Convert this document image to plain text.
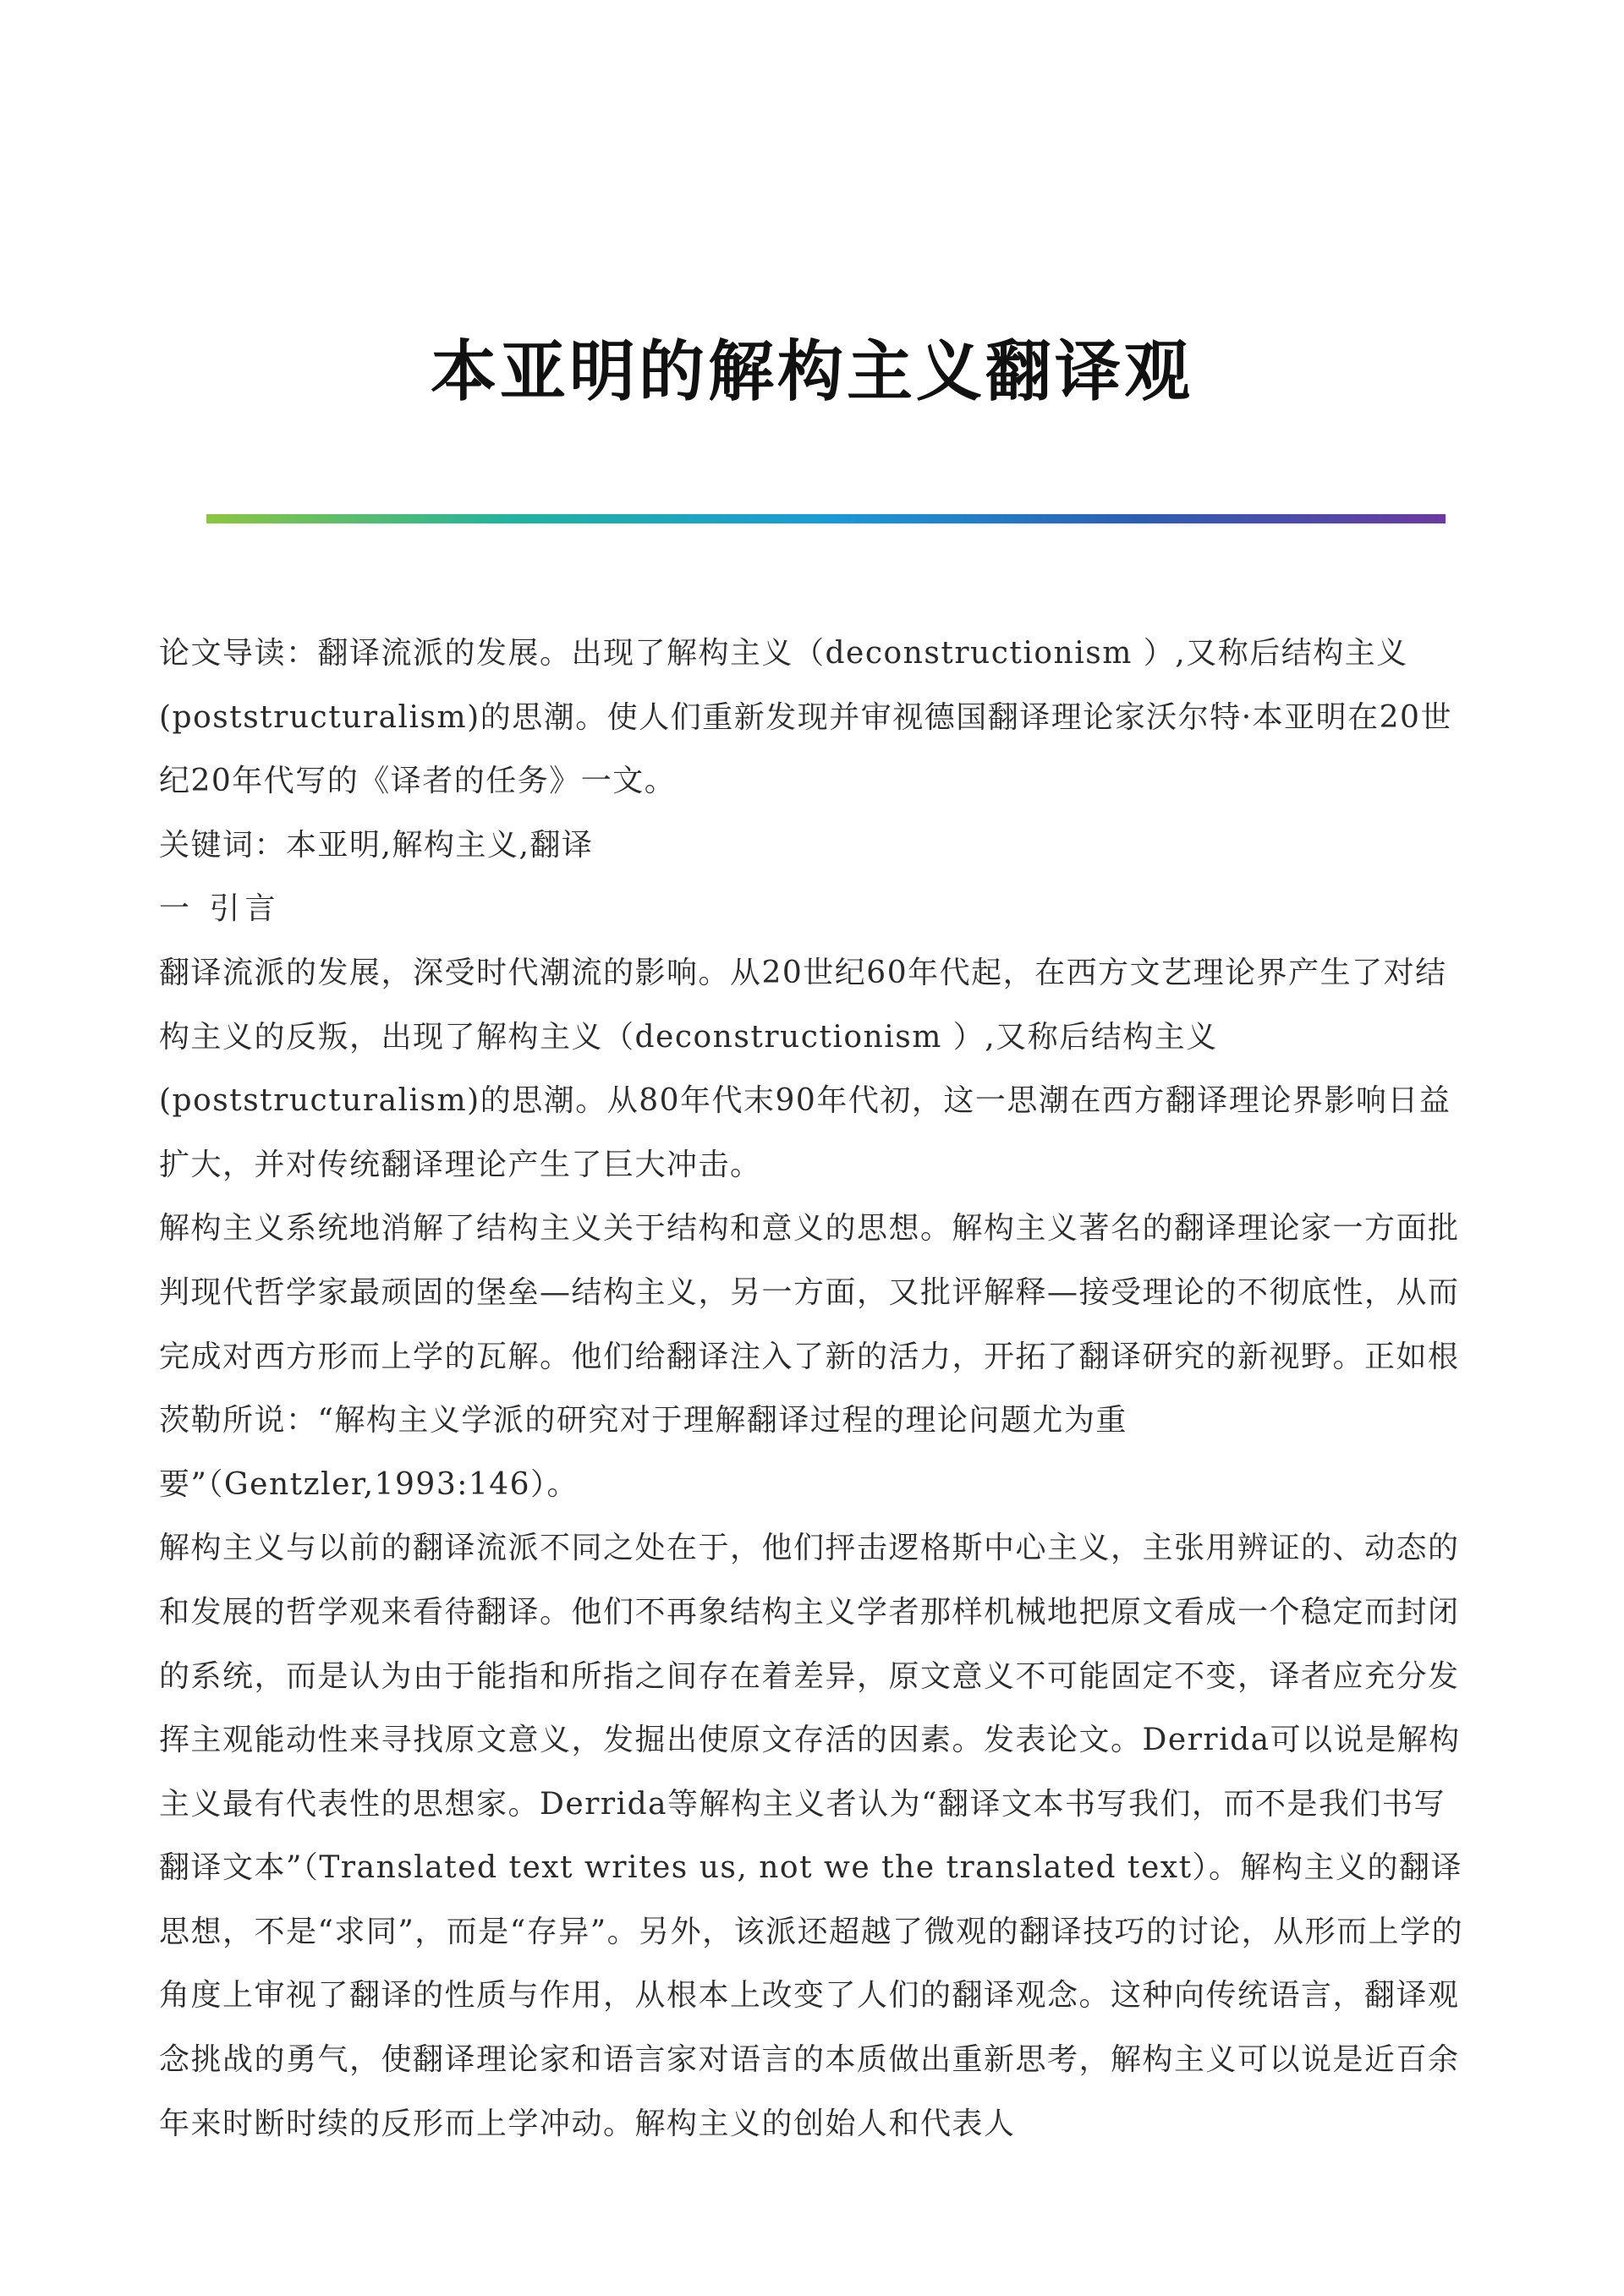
本亚明的解构主义翻译观

论文导读：翻译流派的发展。出现了解构主义（deconstructionism ）,又称后结构主义(poststructuralism)的思潮。使人们重新发现并审视德国翻译理论家沃尔特·本亚明在20世纪20年代写的《译者的任务》一文。

关键词：本亚明,解构主义,翻译

一 引言

翻译流派的发展，深受时代潮流的影响。从20世纪60年代起，在西方文艺理论界产生了对结构主义的反叛，出现了解构主义（deconstructionism ）,又称后结构主义(poststructuralism)的思潮。从80年代末90年代初，这一思潮在西方翻译理论界影响日益扩大，并对传统翻译理论产生了巨大冲击。

解构主义系统地消解了结构主义关于结构和意义的思想。解构主义著名的翻译理论家一方面批判现代哲学家最顽固的堡垒—结构主义，另一方面，又批评解释—接受理论的不彻底性，从而完成对西方形而上学的瓦解。他们给翻译注入了新的活力，开拓了翻译研究的新视野。正如根茨勒所说：“解构主义学派的研究对于理解翻译过程的理论问题尤为重要”（Gentzler,1993:146）。

解构主义与以前的翻译流派不同之处在于，他们抨击逻格斯中心主义，主张用辨证的、动态的和发展的哲学观来看待翻译。他们不再象结构主义学者那样机械地把原文看成一个稳定而封闭的系统，而是认为由于能指和所指之间存在着差异，原文意义不可能固定不变，译者应充分发挥主观能动性来寻找原文意义，发掘出使原文存活的因素。发表论文。Derrida可以说是解构主义最有代表性的思想家。Derrida等解构主义者认为“翻译文本书写我们，而不是我们书写翻译文本”（Translated text writes us, not we the translated text）。解构主义的翻译思想，不是“求同”，而是“存异”。另外，该派还超越了微观的翻译技巧的讨论，从形而上学的角度上审视了翻译的性质与作用，从根本上改变了人们的翻译观念。这种向传统语言，翻译观念挑战的勇气，使翻译理论家和语言家对语言的本质做出重新思考，解构主义可以说是近百余年来时断时续的反形而上学冲动。解构主义的创始人和代表人
